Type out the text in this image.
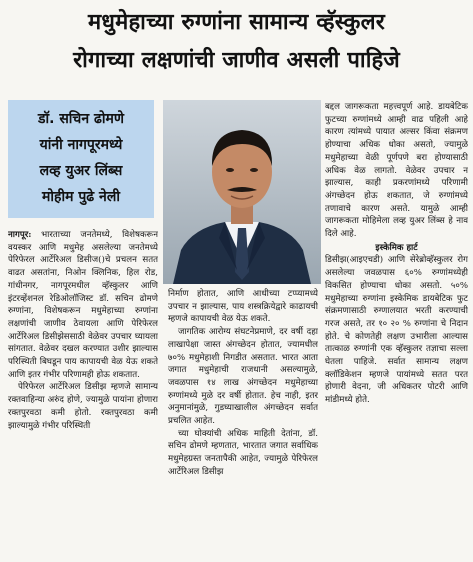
मधुमेहाच्या रुग्णांना सामान्य व्हॅस्कुलर
रोगाच्या लक्षणांची जाणीव असली पाहिजे
डॉ. सचिन ढोमणे
यांनी नागपूरमध्ये
लव्ह युअर लिंब्स
मोहीम पुढे नेली

नागपूर: भारताच्या जनतेमध्ये, विशेषकरून वयस्कर आणि मधुमेह असलेल्या जनतेमध्ये पेरिफेरल आर्टेरिअल डिसीज()चे प्रचलन सतत वाढत असतांना, निओन क्लिनिक, हिल रोड, गांधीनगर, नागपूरमधील व्हॅस्कुलर आणि इंटरव्हेंशनल रेडिओलॉजिस्ट डॉ. सचिन ढोमणे रुग्णांना, विशेषकरून मधुमेहाच्या रुग्णांना लक्षणांची जाणीव ठेवायला आणि पेरिफेरल आर्टेरिअल डिसीझेससाठी वेळेवर उपचार घ्यायला सांगतात. वेळेवर दखल करण्यात उशीर झाल्यास परिस्थिती बिघडून पाय कापायची वेळ येऊ शकते आणि इतर गंभीर परिणामही होऊ शकतात.

पेरिफेरल आर्टेरिअल डिसीझ म्हणजे सामान्य रक्तवाहिन्या अरुंद होणे, ज्यामुळे पायांना होणारा रक्तपुरवठा कमी होतो. रक्तपुरवठा कमी झाल्यामुळे गंभीर परिस्थिती

निर्माण होतात, आणि आधीच्या टप्प्यामध्ये उपचार न झाल्यास, पाय शस्त्रक्रियेद्वारे काढायची म्हणजे कापायची वेळ येऊ शकते.

जागतिक आरोग्य संघटनेप्रमाणे, दर वर्षी दहा लाखापेक्षा जास्त अंगच्छेदन होतात, ज्यामधील ७०% मधुमेहाशी निगडीत असतात. भारत आता जगात मधुमेहाची राजधानी असल्यामुळे, जवळपास १४ लाख अंगच्छेदन मधुमेहाच्या रुग्णांमध्ये मुळे दर वर्षी होतात. हेच नाही, इतर अनुमानांमुळे, गुडघ्याखालील अंगच्छेदन सर्वात प्रचलित आहेत.

च्या घोक्यांची अधिक माहिती देतांना, डॉ. सचिन ढोमणे म्हणतात, भारतात जगात सर्वाधिक मधुमेहग्रस्त जनतापैकी आहेत, ज्यामुळे पेरिफेरल आर्टेरिअल डिसीझ

बद्दल जागरूकता महत्त्वपूर्ण आहे. डायबेटिक फुटच्या रुग्णांमध्ये आम्ही वाढ पहिली आहे कारण त्यांमध्ये पायात अल्सर किंवा संक्रमण होण्याचा अधिक धोका असतो, ज्यामुळे मधुमेहाच्या वेळी पूर्णपणे बरा होण्यासाठी अधिक वेळ लागतो. वेळेवर उपचार न झाल्यास, काही प्रकरणांमध्ये परिणामी अंगच्छेदन होऊ शकतात, जे रुग्णांमध्ये तणावाचे कारण असते. यामुळे आम्ही जागरूकता मोहिमेला लव्ह युअर लिंब्स हे नाव दिले आहे.

इस्केमिक हार्ट

डिसीझ(आइएचडी) आणि सेरेब्रोव्हॅस्कुलर रोग असलेल्या जवळपास ६०% रुग्णांमध्येही विकसित होण्याचा धोका असतो. ५०% मधुमेहाच्या रुग्णांना इस्केमिक डायबेटिक फुट संक्रमणासाठी रुग्णालयात भरती करण्याची गरज असते, तर १० २० % रुग्णांना चे निदान होते. चे कोणतेही लक्षण उभारीला आल्यास तात्काळ रुग्णांनी एक व्हॅस्कुलर तज्ञाचा सल्ला घेतला पाहिजे. सर्वात सामान्य लक्षण क्लॉडिकेशन म्हणजे पायांमध्ये सतत परत होणारी वेदना, जी अधिकतर पोटरी आणि मांडीमध्ये होते.
